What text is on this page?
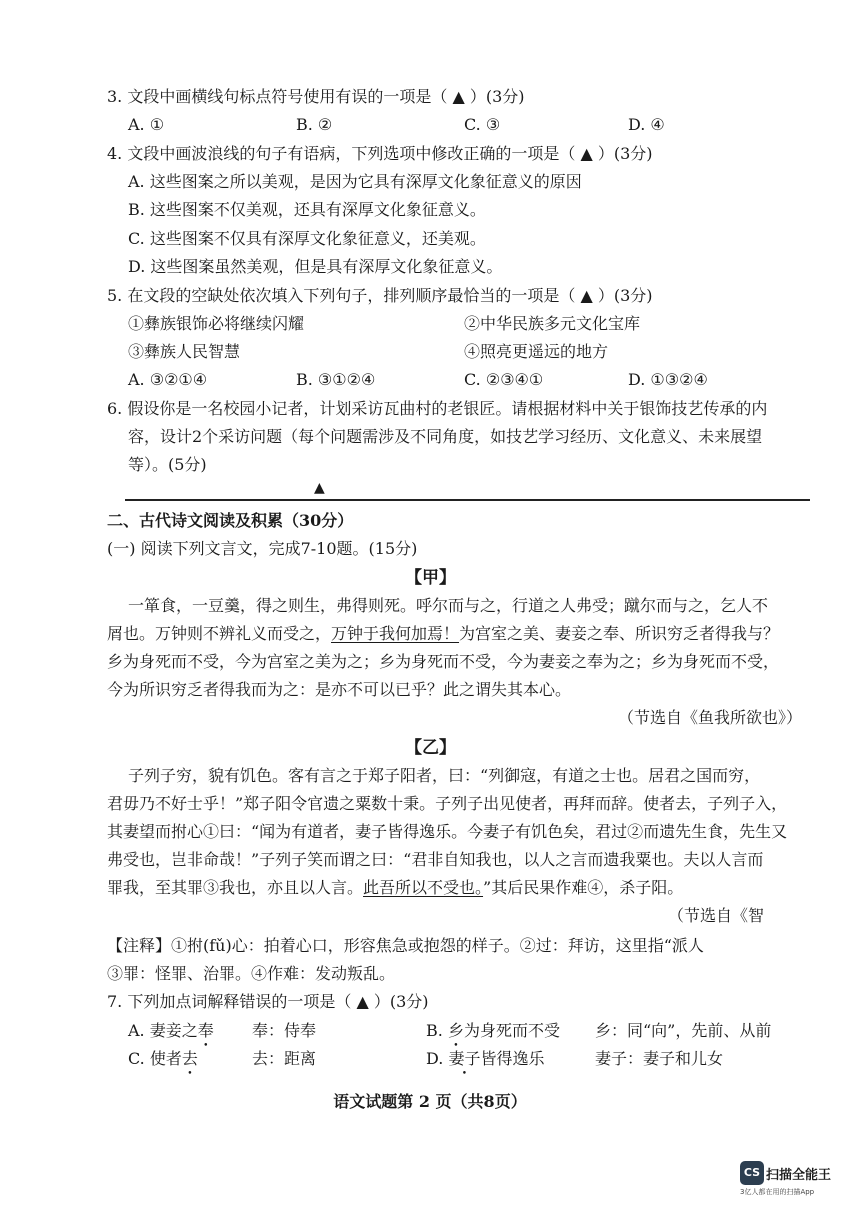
3. 文段中画横线句标点符号使用有误的一项是（ ▲ ）(3分)
A. ①	B. ②	C. ③	D. ④
4. 文段中画波浪线的句子有语病，下列选项中修改正确的一项是（ ▲ ）(3分)
A. 这些图案之所以美观，是因为它具有深厚文化象征意义的原因
B. 这些图案不仅美观，还具有深厚文化象征意义。
C. 这些图案不仅具有深厚文化象征意义，还美观。
D. 这些图案虽然美观，但是具有深厚文化象征意义。
5. 在文段的空缺处依次填入下列句子，排列顺序最恰当的一项是（ ▲ ）(3分)
①彝族银饰必将继续闪耀	②中华民族多元文化宝库
③彝族人民智慧	④照亮更遥远的地方
A. ③②①④	B. ③①②④	C. ②③④①	D. ①③②④
6. 假设你是一名校园小记者，计划采访瓦曲村的老银匠。请根据材料中关于银饰技艺传承的内
容，设计2个采访问题（每个问题需涉及不同角度，如技艺学习经历、文化意义、未来展望
等）。(5分)
▲
二、古代诗文阅读及积累（30分）
(一) 阅读下列文言文，完成7-10题。(15分)
【甲】
一箪食，一豆羹，得之则生，弗得则死。呼尔而与之，行道之人弗受；蹴尔而与之，乞人不
屑也。万钟则不辨礼义而受之，万钟于我何加焉！为宫室之美、妻妾之奉、所识穷乏者得我与？
乡为身死而不受，今为宫室之美为之；乡为身死而不受，今为妻妾之奉为之；乡为身死而不受，
今为所识穷乏者得我而为之：是亦不可以已乎？此之谓失其本心。
（节选自《鱼我所欲也》）
【乙】
子列子穷，貌有饥色。客有言之于郑子阳者，曰：“列御寇，有道之士也。居君之国而穷，
君毋乃不好士乎！”郑子阳令官遗之粟数十秉。子列子出见使者，再拜而辞。使者去，子列子入，
其妻望而拊心①曰：“闻为有道者，妻子皆得逸乐。今妻子有饥色矣，君过②而遗先生食，先生又
弗受也，岂非命哉！”子列子笑而谓之曰：“君非自知我也，以人之言而遗我粟也。夫以人言而
罪我，至其罪③我也，亦且以人言。此吾所以不受也。”其后民果作难④，杀子阳。
（节选自《智
【注释】①拊(fǔ)心：拍着心口，形容焦急或抱怨的样子。②过：拜访，这里指“派人
③罪：怪罪、治罪。④作难：发动叛乱。
7. 下列加点词解释错误的一项是（ ▲ ）(3分)
A. 妻妾之奉 奉：侍奉	B. 乡为身死而不受 乡：同“向”，先前、从前
C. 使者去	去：距离	D. 妻子皆得逸乐	妻子：妻子和儿女
语文试题第 2 页（共8页）
CS 扫描全能王
3亿人都在用的扫描App
